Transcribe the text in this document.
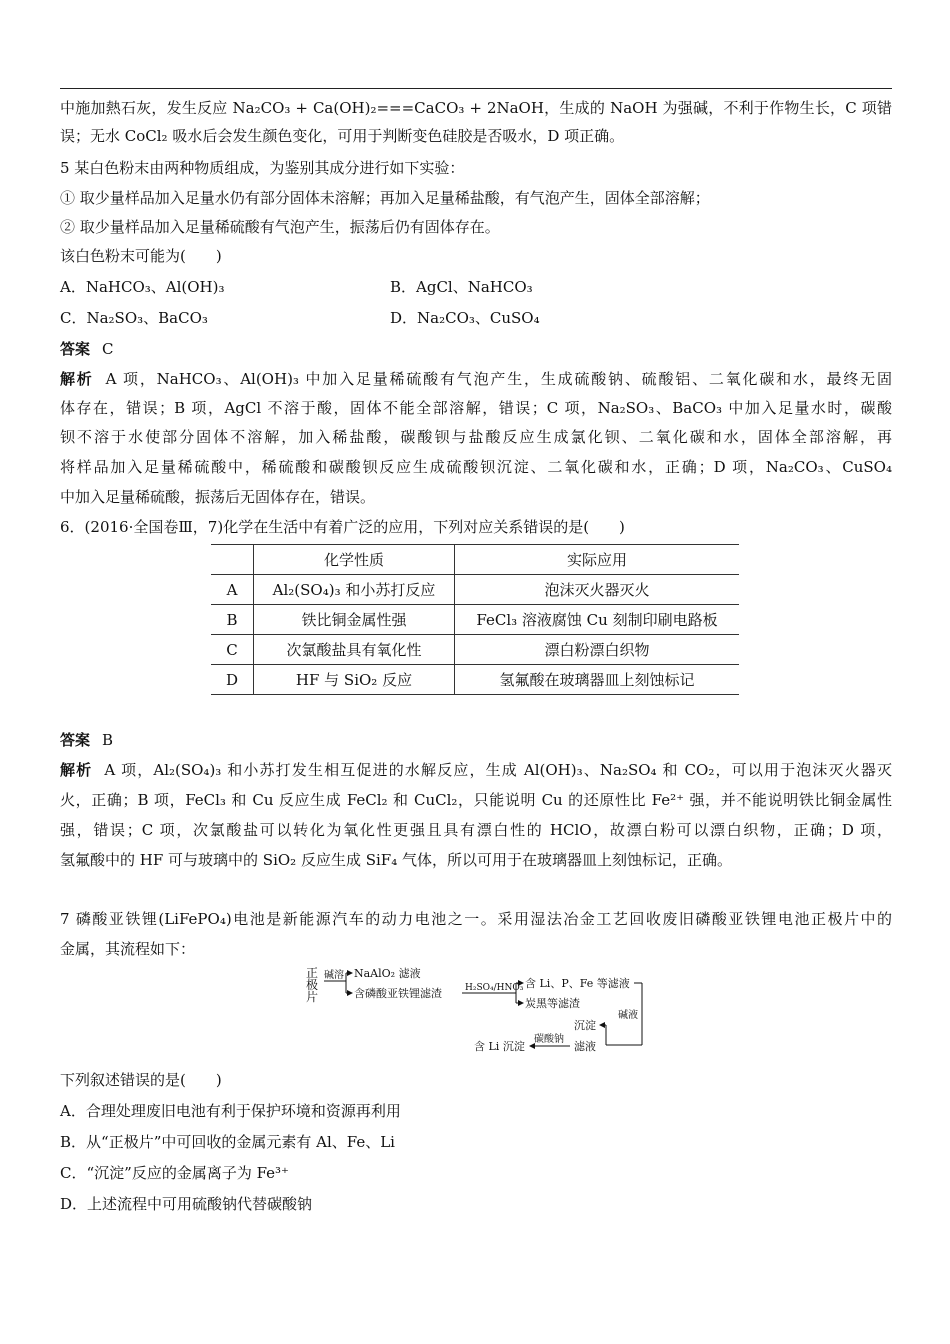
中施加熱石灰，发生反应 Na₂CO₃ + Ca(OH)₂===CaCO₃ + 2NaOH，生成的 NaOH 为强碱，不利于作物生长，C 项错
误；无水 CoCl₂ 吸水后会发生颜色变化，可用于判断变色硅胶是否吸水，D 项正确。
5 某白色粉末由两种物质组成，为鉴别其成分进行如下实验：
① 取少量样品加入足量水仍有部分固体未溶解；再加入足量稀盐酸，有气泡产生，固体全部溶解；
② 取少量样品加入足量稀硫酸有气泡产生，振荡后仍有固体存在。
该白色粉末可能为(　　)
A．NaHCO₃、Al(OH)₃	B．AgCl、NaHCO₃
C．Na₂SO₃、BaCO₃	D．Na₂CO₃、CuSO₄
答案 C
解析 A 项，NaHCO₃、Al(OH)₃ 中加入足量稀硫酸有气泡产生，生成硫酸钠、硫酸铝、二氧化碳和水，最终无固
体存在，错误；B 项，AgCl 不溶于酸，固体不能全部溶解，错误；C 项，Na₂SO₃、BaCO₃ 中加入足量水时，碳酸
钡不溶于水使部分固体不溶解，加入稀盐酸，碳酸钡与盐酸反应生成氯化钡、二氧化碳和水，固体全部溶解，再
将样品加入足量稀硫酸中，稀硫酸和碳酸钡反应生成硫酸钡沉淀、二氧化碳和水，正确；D 项，Na₂CO₃、CuSO₄
中加入足量稀硫酸，振荡后无固体存在，错误。
6．(2016·全国卷Ⅲ，7)化学在生活中有着广泛的应用，下列对应关系错误的是(　　)
	化学性质	实际应用
A	Al₂(SO₄)₃ 和小苏打反应	泡沫灭火器灭火
B	铁比铜金属性强	FeCl₃ 溶液腐蚀 Cu 刻制印刷电路板
C	次氯酸盐具有氧化性	漂白粉漂白织物
D	HF 与 SiO₂ 反应	氢氟酸在玻璃器皿上刻蚀标记
答案 B
解析 A 项，Al₂(SO₄)₃ 和小苏打发生相互促进的水解反应，生成 Al(OH)₃、Na₂SO₄ 和 CO₂，可以用于泡沫灭火器灭
火，正确；B 项，FeCl₃ 和 Cu 反应生成 FeCl₂ 和 CuCl₂，只能说明 Cu 的还原性比 Fe²⁺ 强，并不能说明铁比铜金属性
强，错误；C 项，次氯酸盐可以转化为氧化性更强且具有漂白性的 HClO，故漂白粉可以漂白织物，正确；D 项，
氢氟酸中的 HF 可与玻璃中的 SiO₂ 反应生成 SiF₄ 气体，所以可用于在玻璃器皿上刻蚀标记，正确。
7 磷酸亚铁锂(LiFePO₄)电池是新能源汽车的动力电池之一。采用湿法冶金工艺回收废旧磷酸亚铁锂电池正极片中的
金属，其流程如下：
正极片
碱溶 NaAlO₂ 滤液
含磷酸亚铁锂滤渣	H₂SO₄/HNO₃ 含 Li、P、Fe 等滤液
炭黑等滤渣
碱液
沉淀
滤液
碳酸钠
含 Li 沉淀
下列叙述错误的是(　　)
A．合理处理废旧电池有利于保护环境和资源再利用
B．从“正极片”中可回收的金属元素有 Al、Fe、Li
C．“沉淀”反应的金属离子为 Fe³⁺
D．上述流程中可用硫酸钠代替碳酸钠
